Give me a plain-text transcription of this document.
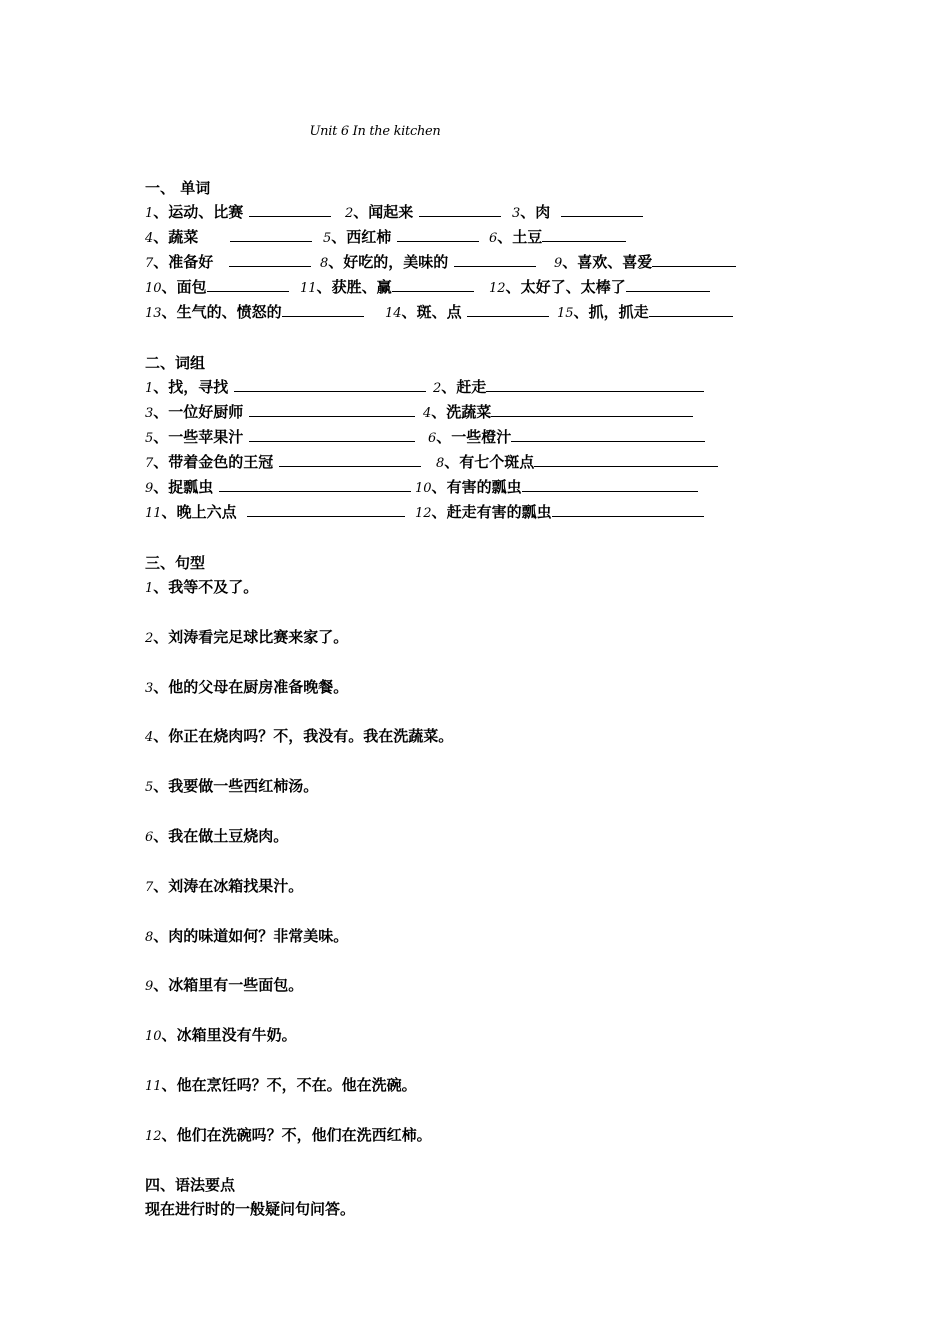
Unit 6 In the kitchen
一、 单词
1、运动、比赛	2、闻起来	3、肉
4、蔬菜	5、西红柿	6、土豆
7、准备好	8、好吃的，美味的	9、喜欢、喜爱
10、面包	11、获胜、赢	12、太好了、太棒了
13、生气的、愤怒的	14、斑、点	15、抓，抓走
二、词组
1、找，寻找	2、赶走
3、一位好厨师	4、洗蔬菜
5、一些苹果汁	6、一些橙汁
7、带着金色的王冠	8、有七个斑点
9、捉瓢虫	10、有害的瓢虫
11、晚上六点	12、赶走有害的瓢虫
三、句型
1、我等不及了。
2、刘涛看完足球比赛来家了。
3、他的父母在厨房准备晚餐。
4、你正在烧肉吗？不，我没有。我在洗蔬菜。
5、我要做一些西红柿汤。
6、我在做土豆烧肉。
7、刘涛在冰箱找果汁。
8、肉的味道如何？非常美味。
9、冰箱里有一些面包。
10、冰箱里没有牛奶。
11、他在烹饪吗？不，不在。他在洗碗。
12、他们在洗碗吗？不，他们在洗西红柿。
四、语法要点
现在进行时的一般疑问句问答。
